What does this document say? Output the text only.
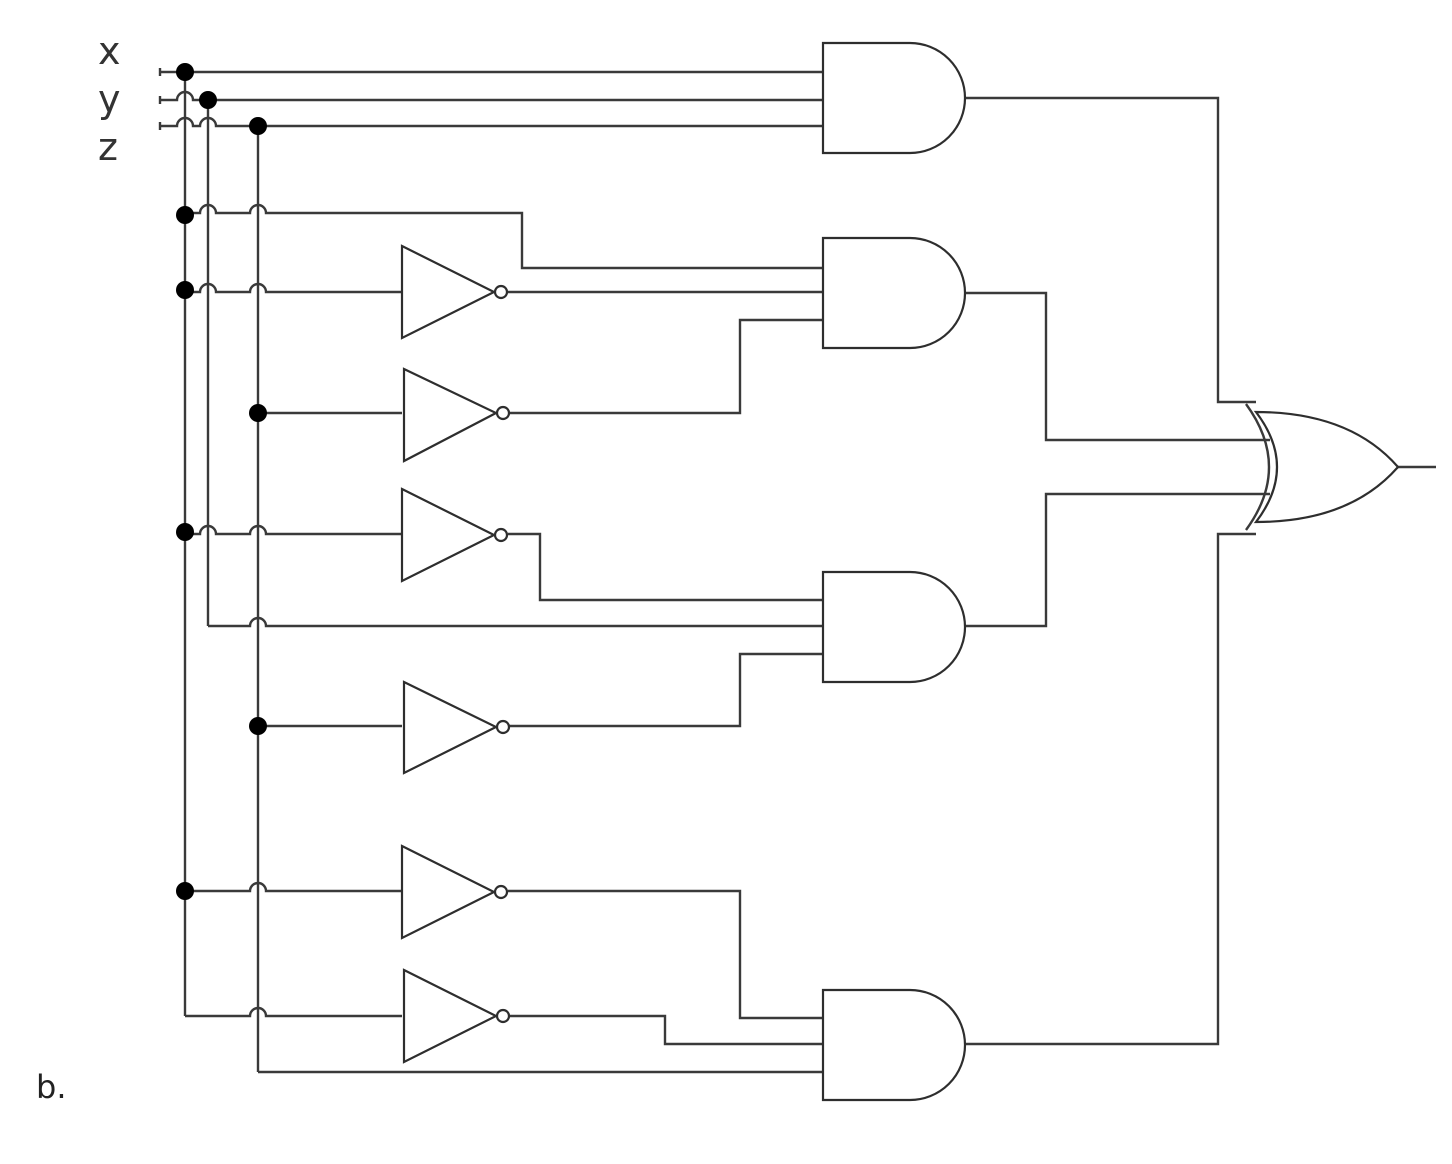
x
y
z
b.
